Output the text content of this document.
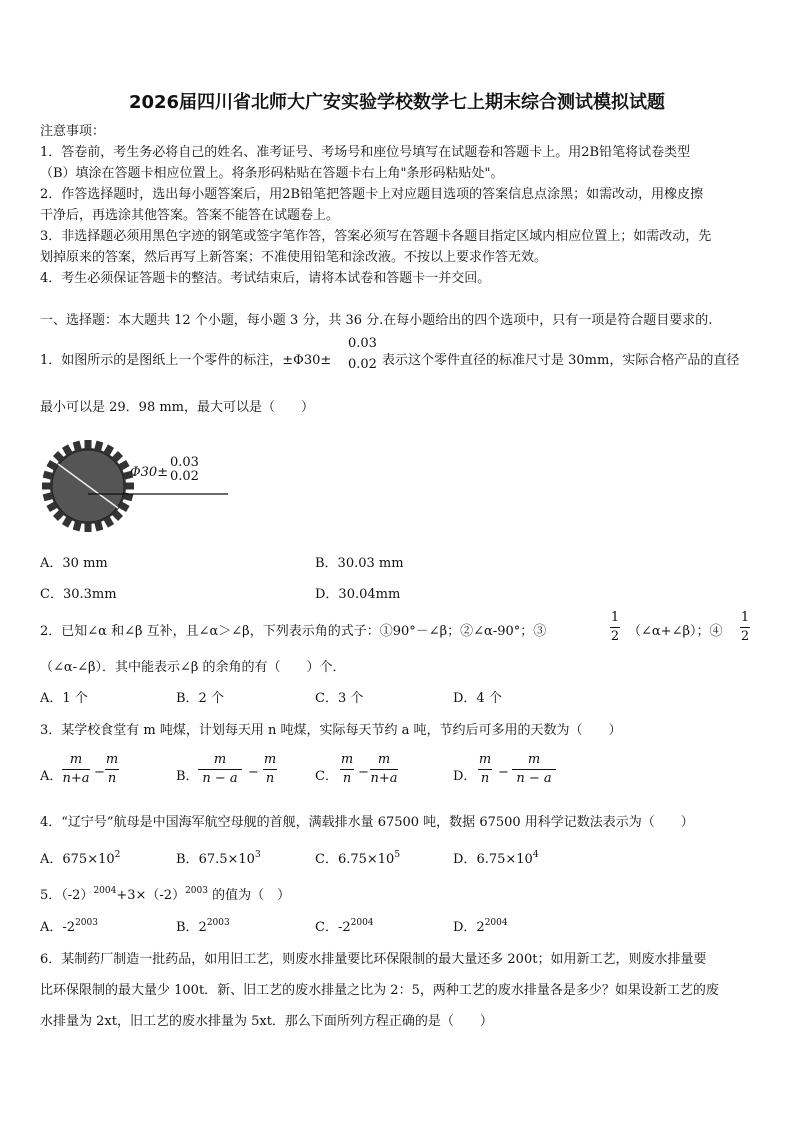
2026届四川省北师大广安实验学校数学七上期末综合测试模拟试题
注意事项：
1．答卷前，考生务必将自己的姓名、准考证号、考场号和座位号填写在试题卷和答题卡上。用2B铅笔将试卷类型
（B）填涂在答题卡相应位置上。将条形码粘贴在答题卡右上角"条形码粘贴处"。
2．作答选择题时，选出每小题答案后，用2B铅笔把答题卡上对应题目选项的答案信息点涂黑；如需改动，用橡皮擦
干净后，再选涂其他答案。答案不能答在试题卷上。
3．非选择题必须用黑色字迹的钢笔或签字笔作答，答案必须写在答题卡各题目指定区域内相应位置上；如需改动，先
划掉原来的答案，然后再写上新答案；不准使用铅笔和涂改液。不按以上要求作答无效。
4．考生必须保证答题卡的整洁。考试结束后，请将本试卷和答题卡一并交回。
一、选择题：本大题共 12 个小题，每小题 3 分，共 36 分.在每小题给出的四个选项中，只有一项是符合题目要求的.
1．如图所示的是图纸上一个零件的标注，±Φ30±
0.03
0.02 表示这个零件直径的标准尺寸是 30mm，实际合格产品的直径
最小可以是 29．98 mm，最大可以是（　　）
Φ30±
0.03
0.02
A．30 mm	B．30.03 mm
C．30.3mm	D．30.04mm
2．已知∠α 和∠β 互补，且∠α＞∠β，下列表示角的式子：①90°－∠β；②∠α-90°；③
1
2 （∠α+∠β）；④
1
2
（∠α-∠β）．其中能表示∠β 的余角的有（　　）个．
A．1 个	B．2 个	C．3 个	D．4 个
3．某学校食堂有 m 吨煤，计划每天用 n 吨煤，实际每天节约 a 吨，节约后可多用的天数为（　　）
A．
m
n+a −
m
n	B．
m
n − a −
m
n	C．
m
n −
m
n+a	D．
m
n −
m
n − a
4．“辽宁号”航母是中国海军航空母舰的首舰，满载排水量 67500 吨，数据 67500 用科学记数法表示为（　　）
A．$675\times 10^2$	B．$67.5\times 10^3$	C．$6.75\times 10^5$	D．$6.75\times 10^4$
5．$(-2)^{2004}+3\times(-2)^{2003}$ 的值为（　）
A．$-2^{2003}$	B．$2^{2003}$	C．$-2^{2004}$	D．$2^{2004}$
6．某制药厂制造一批药品，如用旧工艺，则废水排量要比环保限制的最大量还多 200t；如用新工艺，则废水排量要
比环保限制的最大量少 100t．新、旧工艺的废水排量之比为 2：5，两种工艺的废水排量各是多少？如果设新工艺的废
水排量为 2xt，旧工艺的废水排量为 5xt．那么下面所列方程正确的是（　　）
